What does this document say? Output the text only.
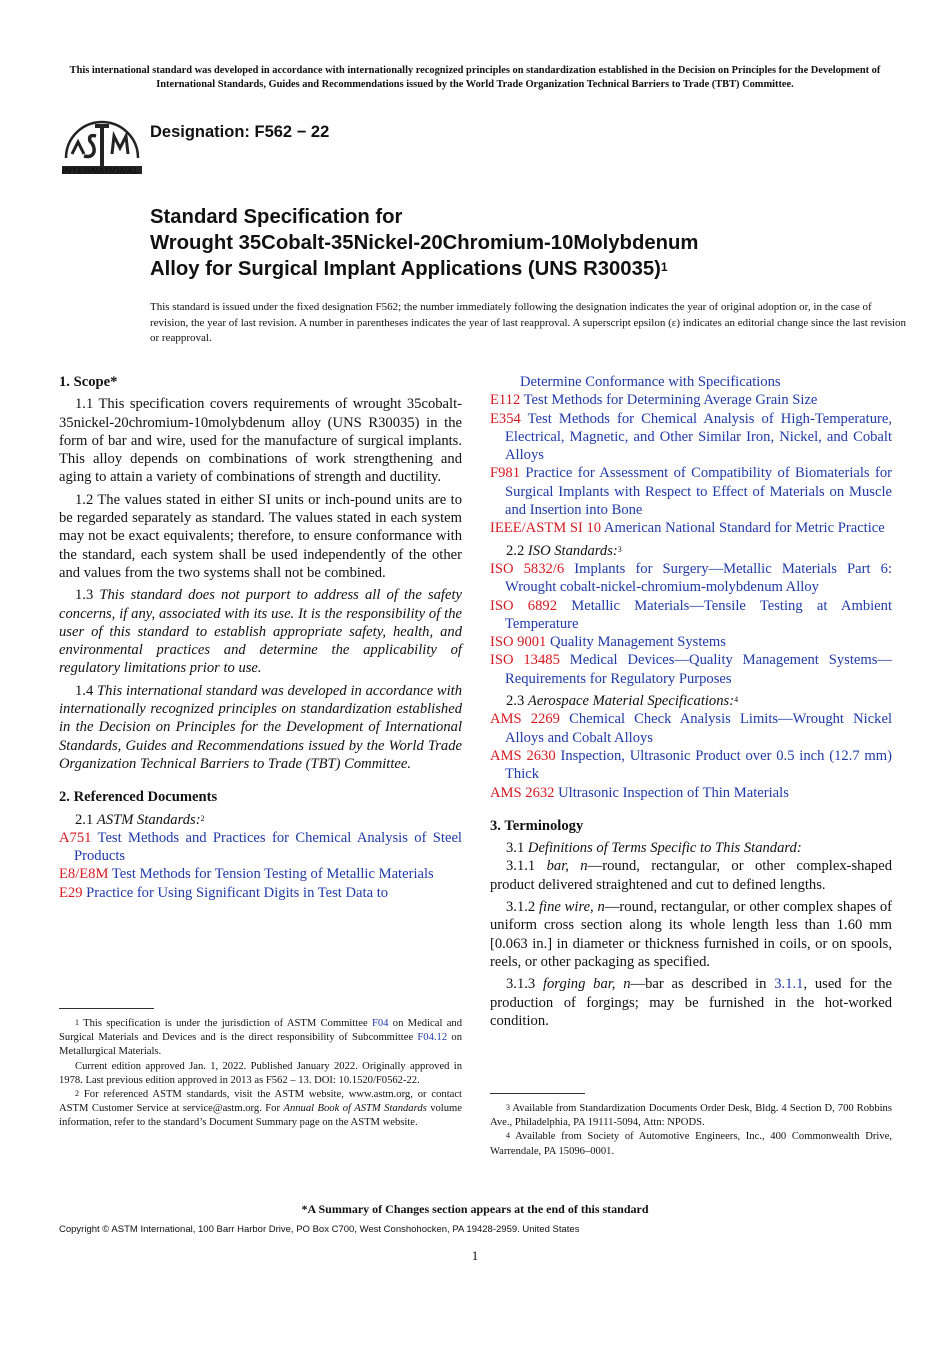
This international standard was developed in accordance with internationally recognized principles on standardization established in the Decision on Principles for the Development of International Standards, Guides and Recommendations issued by the World Trade Organization Technical Barriers to Trade (TBT) Committee.
INTERNATIONAL
Designation: F562 − 22
Standard Specification for
Wrought 35Cobalt-35Nickel-20Chromium-10Molybdenum
Alloy for Surgical Implant Applications (UNS R30035)$^1$
This standard is issued under the fixed designation F562; the number immediately following the designation indicates the year of original adoption or, in the case of revision, the year of last revision. A number in parentheses indicates the year of last reapproval. A superscript epsilon (ε) indicates an editorial change since the last revision or reapproval.

1. Scope*

1.1 This specification covers requirements of wrought 35cobalt-35nickel-20chromium-10molybdenum alloy (UNS R30035) in the form of bar and wire, used for the manufacture of surgical implants. This alloy depends on combinations of work strengthening and aging to attain a variety of combinations of strength and ductility.

1.2 The values stated in either SI units or inch-pound units are to be regarded separately as standard. The values stated in each system may not be exact equivalents; therefore, to ensure conformance with the standard, each system shall be used independently of the other and values from the two systems shall not be combined.

1.3 This standard does not purport to address all of the safety concerns, if any, associated with its use. It is the responsibility of the user of this standard to establish appropriate safety, health, and environmental practices and determine the applicability of regulatory limitations prior to use.

1.4 This international standard was developed in accordance with internationally recognized principles on standardization established in the Decision on Principles for the Development of International Standards, Guides and Recommendations issued by the World Trade Organization Technical Barriers to Trade (TBT) Committee.

2. Referenced Documents

2.1 ASTM Standards:$^2$

A751 Test Methods and Practices for Chemical Analysis of Steel Products

E8/E8M Test Methods for Tension Testing of Metallic Materials

E29 Practice for Using Significant Digits in Test Data to

$^1$ This specification is under the jurisdiction of ASTM Committee F04 on Medical and Surgical Materials and Devices and is the direct responsibility of Subcommittee F04.12 on Metallurgical Materials.

Current edition approved Jan. 1, 2022. Published January 2022. Originally approved in 1978. Last previous edition approved in 2013 as F562 – 13. DOI: 10.1520/F0562-22.

$^2$ For referenced ASTM standards, visit the ASTM website, www.astm.org, or contact ASTM Customer Service at service@astm.org. For Annual Book of ASTM Standards volume information, refer to the standard’s Document Summary page on the ASTM website.

Determine Conformance with Specifications

E112 Test Methods for Determining Average Grain Size

E354 Test Methods for Chemical Analysis of High-Temperature, Electrical, Magnetic, and Other Similar Iron, Nickel, and Cobalt Alloys

F981 Practice for Assessment of Compatibility of Biomaterials for Surgical Implants with Respect to Effect of Materials on Muscle and Insertion into Bone

IEEE/ASTM SI 10 American National Standard for Metric Practice

2.2 ISO Standards:$^3$

ISO 5832/6 Implants for Surgery—Metallic Materials Part 6: Wrought cobalt-nickel-chromium-molybdenum Alloy

ISO 6892 Metallic Materials—Tensile Testing at Ambient Temperature

ISO 9001 Quality Management Systems

ISO 13485 Medical Devices—Quality Management Systems—Requirements for Regulatory Purposes

2.3 Aerospace Material Specifications:$^4$

AMS 2269 Chemical Check Analysis Limits—Wrought Nickel Alloys and Cobalt Alloys

AMS 2630 Inspection, Ultrasonic Product over 0.5 inch (12.7 mm) Thick

AMS 2632 Ultrasonic Inspection of Thin Materials

3. Terminology

3.1 Definitions of Terms Specific to This Standard:

3.1.1 bar, n—round, rectangular, or other complex-shaped product delivered straightened and cut to defined lengths.

3.1.2 fine wire, n—round, rectangular, or other complex shapes of uniform cross section along its whole length less than 1.60 mm [0.063 in.] in diameter or thickness furnished in coils, or on spools, reels, or other packaging as specified.

3.1.3 forging bar, n—bar as described in 3.1.1, used for the production of forgings; may be furnished in the hot-worked condition.

$^3$ Available from Standardization Documents Order Desk, Bldg. 4 Section D, 700 Robbins Ave., Philadelphia, PA 19111-5094, Attn: NPODS.

$^4$ Available from Society of Automotive Engineers, Inc., 400 Commonwealth Drive, Warrendale, PA 15096–0001.

*A Summary of Changes section appears at the end of this standard
Copyright © ASTM International, 100 Barr Harbor Drive, PO Box C700, West Conshohocken, PA 19428-2959. United States
1
